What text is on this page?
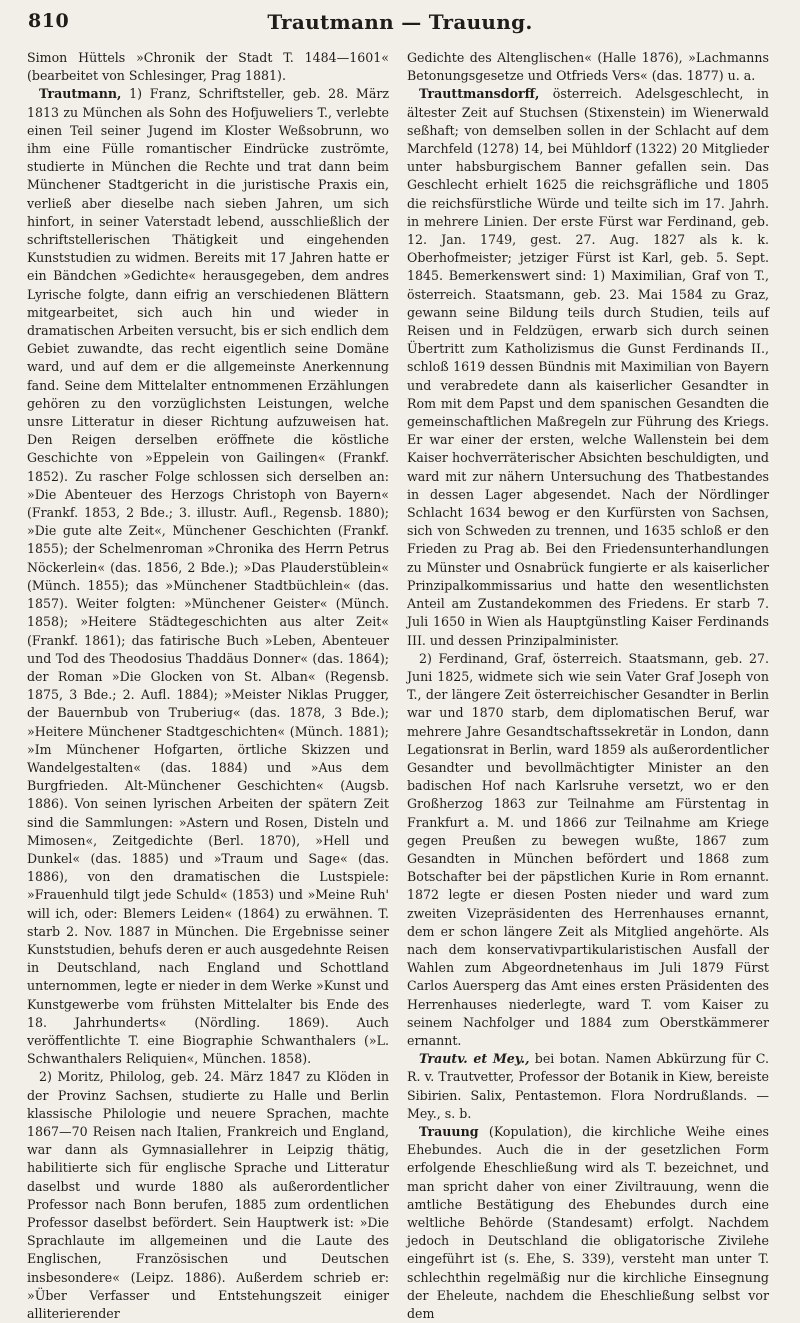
810	Trautmann — Trauung.

Simon Hüttels »Chronik der Stadt T. 1484—1601« (bearbeitet von Schlesinger, Prag 1881).

Trautmann, 1) Franz, Schriftsteller, geb. 28. März 1813 zu München als Sohn des Hofjuweliers T., verlebte einen Teil seiner Jugend im Kloster Weßsobrunn, wo ihm eine Fülle romantischer Eindrücke zuströmte, studierte in München die Rechte und trat dann beim Münchener Stadtgericht in die juristische Praxis ein, verließ aber dieselbe nach sieben Jahren, um sich hinfort, in seiner Vaterstadt lebend, ausschließlich der schriftstellerischen Thätigkeit und eingehenden Kunststudien zu widmen. Bereits mit 17 Jahren hatte er ein Bändchen »Gedichte« herausgegeben, dem andres Lyrische folgte, dann eifrig an verschiedenen Blättern mitgearbeitet, sich auch hin und wieder in dramatischen Arbeiten versucht, bis er sich endlich dem Gebiet zuwandte, das recht eigentlich seine Domäne ward, und auf dem er die allgemeinste Anerkennung fand. Seine dem Mittelalter entnommenen Erzählungen gehören zu den vorzüglichsten Leistungen, welche unsre Litteratur in dieser Richtung aufzuweisen hat. Den Reigen derselben eröffnete die köstliche Geschichte von »Eppelein von Gailingen« (Frankf. 1852). Zu rascher Folge schlossen sich derselben an: »Die Abenteuer des Herzogs Christoph von Bayern« (Frankf. 1853, 2 Bde.; 3. illustr. Aufl., Regensb. 1880); »Die gute alte Zeit«, Münchener Geschichten (Frankf. 1855); der Schelmenroman »Chronika des Herrn Petrus Nöckerlein« (das. 1856, 2 Bde.); »Das Plauderstüblein« (Münch. 1855); das »Münchener Stadtbüchlein« (das. 1857). Weiter folgten: »Münchener Geister« (Münch. 1858); »Heitere Städtegeschichten aus alter Zeit« (Frankf. 1861); das fatirische Buch »Leben, Abenteuer und Tod des Theodosius Thaddäus Donner« (das. 1864); der Roman »Die Glocken von St. Alban« (Regensb. 1875, 3 Bde.; 2. Aufl. 1884); »Meister Niklas Prugger, der Bauernbub von Truberiug« (das. 1878, 3 Bde.); »Heitere Münchener Stadtgeschichten« (Münch. 1881); »Im Münchener Hofgarten, örtliche Skizzen und Wandelgestalten« (das. 1884) und »Aus dem Burgfrieden. Alt-Münchener Geschichten« (Augsb. 1886). Von seinen lyrischen Arbeiten der spätern Zeit sind die Sammlungen: »Astern und Rosen, Disteln und Mimosen«, Zeitgedichte (Berl. 1870), »Hell und Dunkel« (das. 1885) und »Traum und Sage« (das. 1886), von den dramatischen die Lustspiele: »Frauenhuld tilgt jede Schuld« (1853) und »Meine Ruh' will ich, oder: Blemers Leiden« (1864) zu erwähnen. T. starb 2. Nov. 1887 in München. Die Ergebnisse seiner Kunststudien, behufs deren er auch ausgedehnte Reisen in Deutschland, nach England und Schottland unternommen, legte er nieder in dem Werke »Kunst und Kunstgewerbe vom frühsten Mittelalter bis Ende des 18. Jahrhunderts« (Nördling. 1869). Auch veröffentlichte T. eine Biographie Schwanthalers (»L. Schwanthalers Reliquien«, München. 1858).

2) Moritz, Philolog, geb. 24. März 1847 zu Klöden in der Provinz Sachsen, studierte zu Halle und Berlin klassische Philologie und neuere Sprachen, machte 1867—70 Reisen nach Italien, Frankreich und England, war dann als Gymnasiallehrer in Leipzig thätig, habilitierte sich für englische Sprache und Litteratur daselbst und wurde 1880 als außerordentlicher Professor nach Bonn berufen, 1885 zum ordentlichen Professor daselbst befördert. Sein Hauptwerk ist: »Die Sprachlaute im allgemeinen und die Laute des Englischen, Französischen und Deutschen insbesondere« (Leipz. 1886). Außerdem schrieb er: »Über Verfasser und Entstehungszeit einiger alliterierender

Gedichte des Altenglischen« (Halle 1876), »Lachmanns Betonungsgesetze und Otfrieds Vers« (das. 1877) u. a.

Trauttmansdorff, österreich. Adelsgeschlecht, in ältester Zeit auf Stuchsen (Stixenstein) im Wienerwald seßhaft; von demselben sollen in der Schlacht auf dem Marchfeld (1278) 14, bei Mühldorf (1322) 20 Mitglieder unter habsburgischem Banner gefallen sein. Das Geschlecht erhielt 1625 die reichsgräfliche und 1805 die reichsfürstliche Würde und teilte sich im 17. Jahrh. in mehrere Linien. Der erste Fürst war Ferdinand, geb. 12. Jan. 1749, gest. 27. Aug. 1827 als k. k. Oberhofmeister; jetziger Fürst ist Karl, geb. 5. Sept. 1845. Bemerkenswert sind: 1) Maximilian, Graf von T., österreich. Staatsmann, geb. 23. Mai 1584 zu Graz, gewann seine Bildung teils durch Studien, teils auf Reisen und in Feldzügen, erwarb sich durch seinen Übertritt zum Katholizismus die Gunst Ferdinands II., schloß 1619 dessen Bündnis mit Maximilian von Bayern und verabredete dann als kaiserlicher Gesandter in Rom mit dem Papst und dem spanischen Gesandten die gemeinschaftlichen Maßregeln zur Führung des Kriegs. Er war einer der ersten, welche Wallenstein bei dem Kaiser hochverräterischer Absichten beschuldigten, und ward mit zur nähern Untersuchung des Thatbestandes in dessen Lager abgesendet. Nach der Nördlinger Schlacht 1634 bewog er den Kurfürsten von Sachsen, sich von Schweden zu trennen, und 1635 schloß er den Frieden zu Prag ab. Bei den Friedensunterhandlungen zu Münster und Osnabrück fungierte er als kaiserlicher Prinzipalkommissarius und hatte den wesentlichsten Anteil am Zustandekommen des Friedens. Er starb 7. Juli 1650 in Wien als Hauptgünstling Kaiser Ferdinands III. und dessen Prinzipalminister.

2) Ferdinand, Graf, österreich. Staatsmann, geb. 27. Juni 1825, widmete sich wie sein Vater Graf Joseph von T., der längere Zeit österreichischer Gesandter in Berlin war und 1870 starb, dem diplomatischen Beruf, war mehrere Jahre Gesandtschaftssekretär in London, dann Legationsrat in Berlin, ward 1859 als außerordentlicher Gesandter und bevollmächtigter Minister an den badischen Hof nach Karlsruhe versetzt, wo er den Großherzog 1863 zur Teilnahme am Fürstentag in Frankfurt a. M. und 1866 zur Teilnahme am Kriege gegen Preußen zu bewegen wußte, 1867 zum Gesandten in München befördert und 1868 zum Botschafter bei der päpstlichen Kurie in Rom ernannt. 1872 legte er diesen Posten nieder und ward zum zweiten Vizepräsidenten des Herrenhauses ernannt, dem er schon längere Zeit als Mitglied angehörte. Als nach dem konservativpartikularistischen Ausfall der Wahlen zum Abgeordnetenhaus im Juli 1879 Fürst Carlos Auersperg das Amt eines ersten Präsidenten des Herrenhauses niederlegte, ward T. vom Kaiser zu seinem Nachfolger und 1884 zum Oberstkämmerer ernannt.

Trautv. et Mey., bei botan. Namen Abkürzung für C. R. v. Trautvetter, Professor der Botanik in Kiew, bereiste Sibirien. Salix, Pentastemon. Flora Nordrußlands. — Mey., s. b.

Trauung (Kopulation), die kirchliche Weihe eines Ehebundes. Auch die in der gesetzlichen Form erfolgende Eheschließung wird als T. bezeichnet, und man spricht daher von einer Ziviltrauung, wenn die amtliche Bestätigung des Ehebundes durch eine weltliche Behörde (Standesamt) erfolgt. Nachdem jedoch in Deutschland die obligatorische Zivilehe eingeführt ist (s. Ehe, S. 339), versteht man unter T. schlechthin regelmäßig nur die kirchliche Einsegnung der Eheleute, nachdem die Eheschließung selbst vor dem
